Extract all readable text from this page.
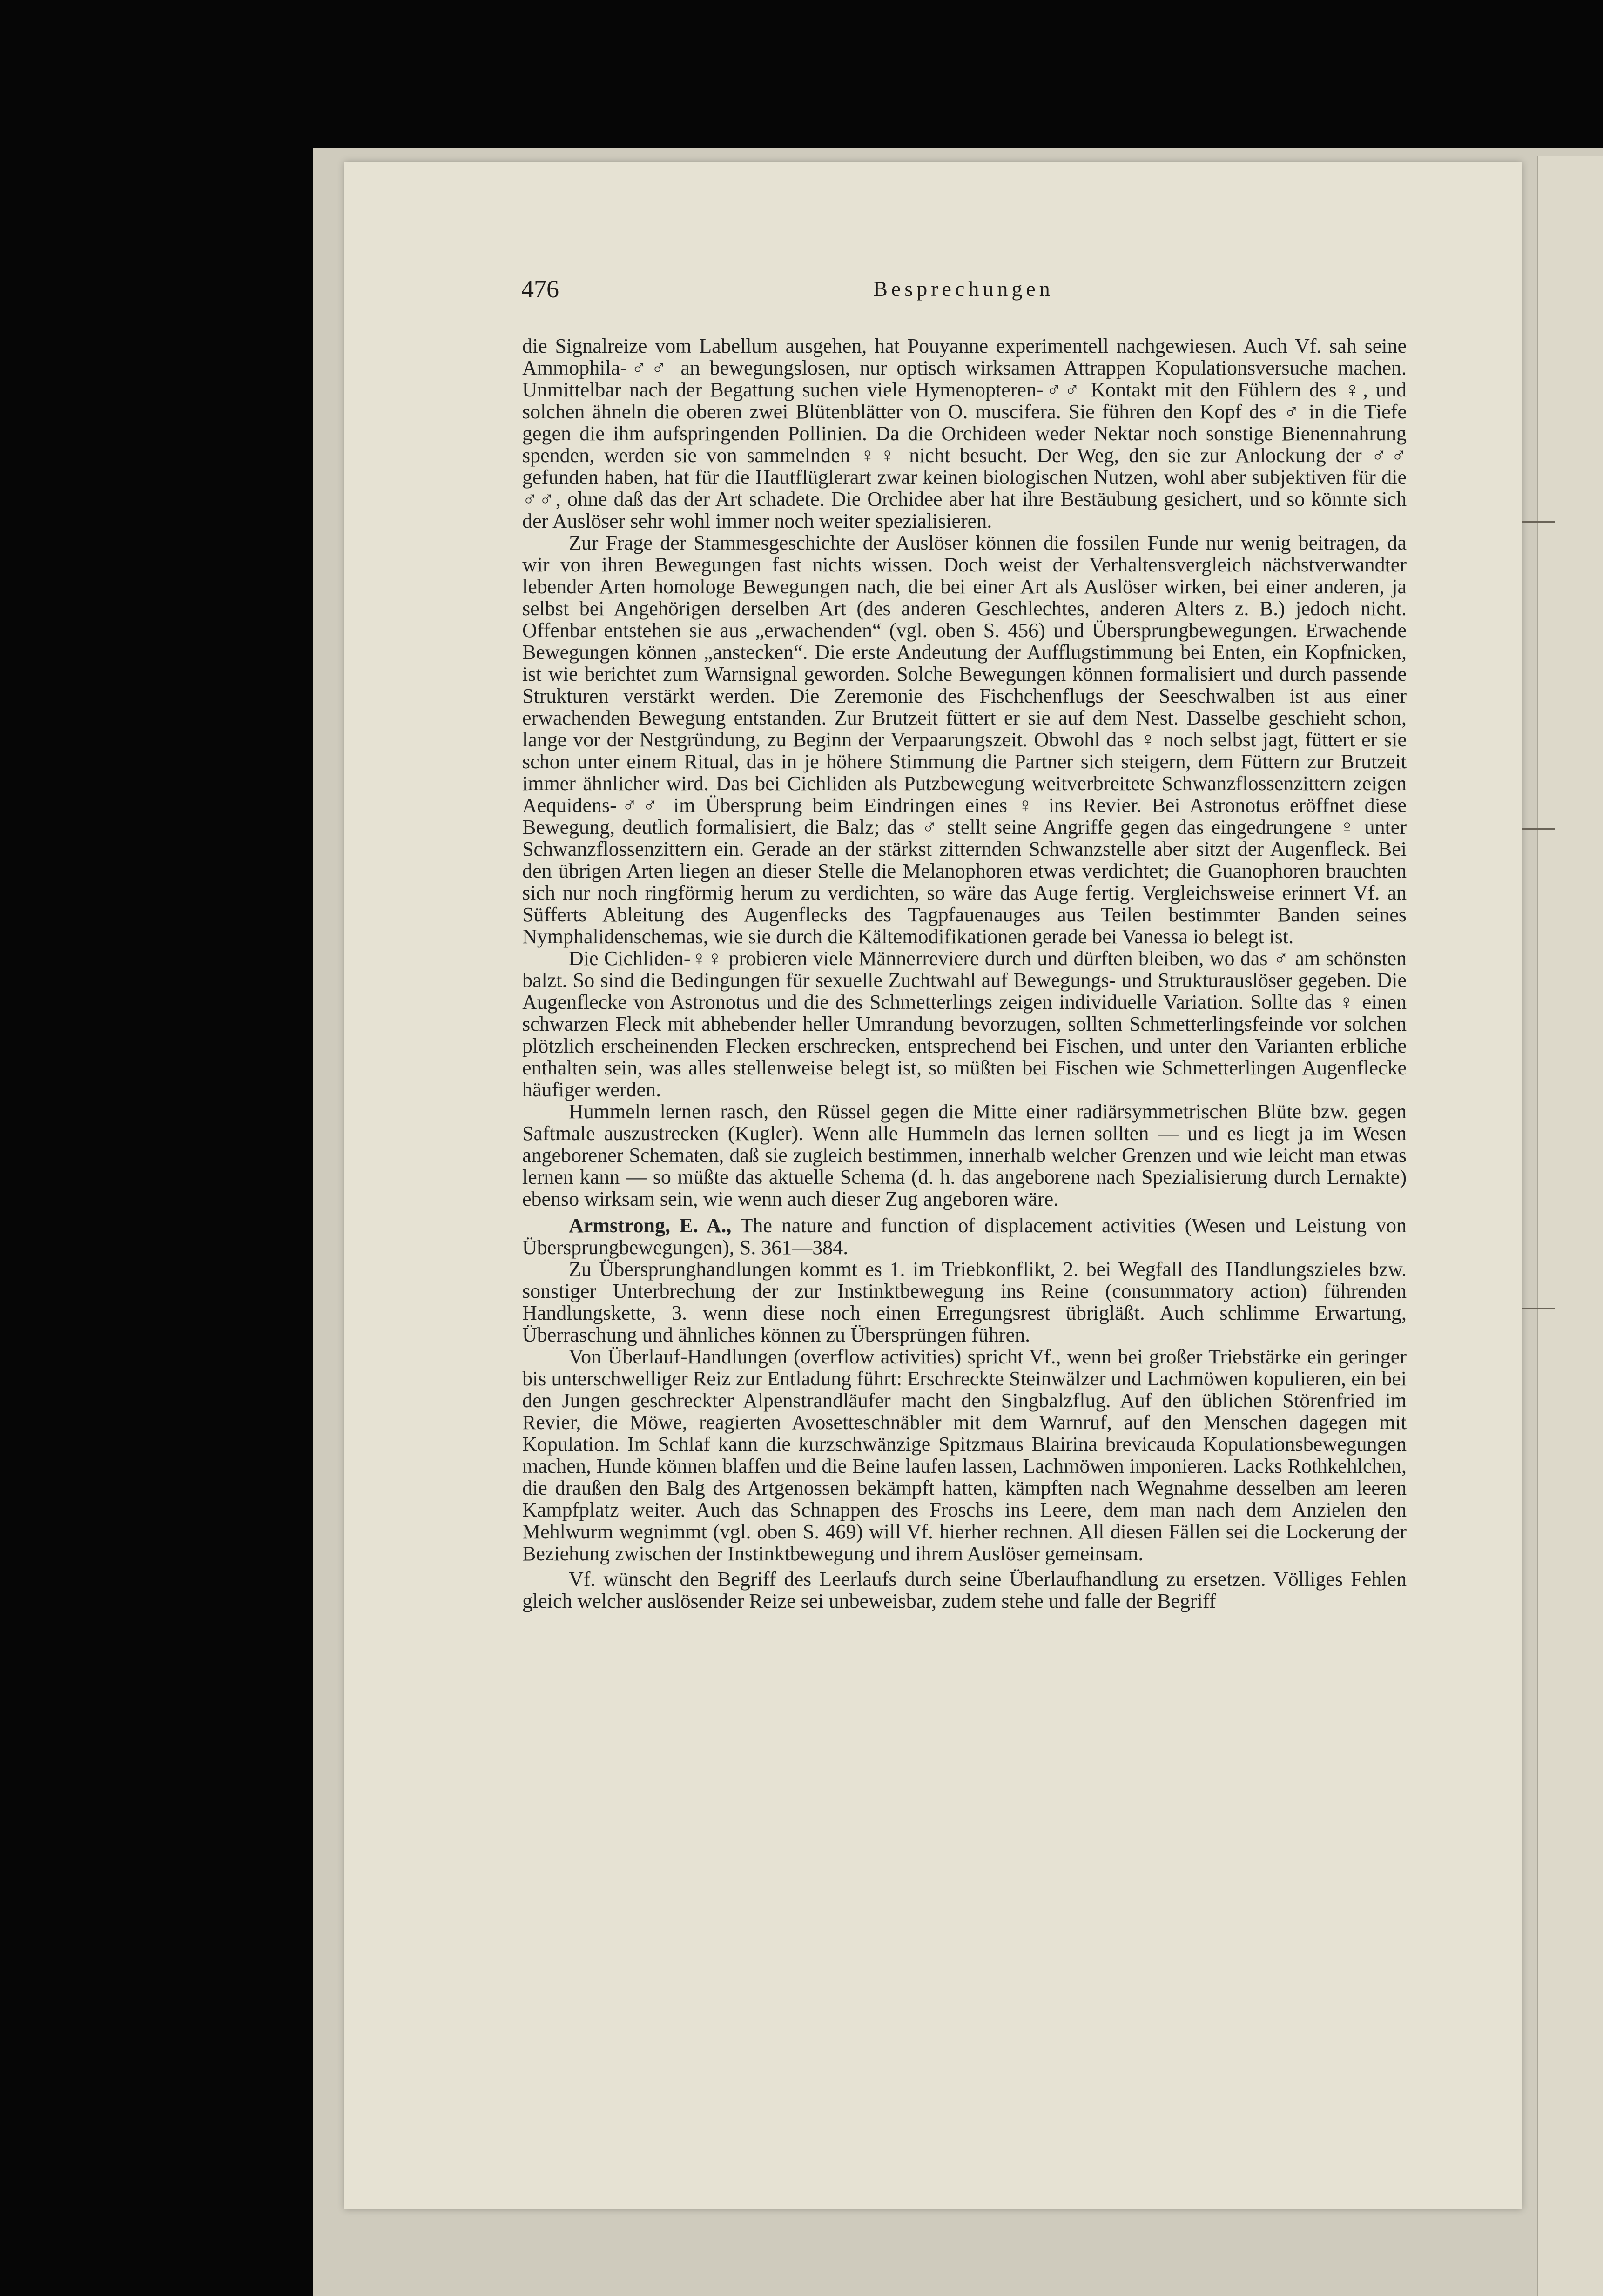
476	Besprechungen

die Signalreize vom Labellum ausgehen, hat Pouyanne experimentell nachgewiesen. Auch Vf. sah seine Ammophila-♂♂ an bewegungslosen, nur optisch wirksamen Attrappen Kopulationsversuche machen. Unmittelbar nach der Begattung suchen viele Hymenopteren-♂♂ Kontakt mit den Fühlern des ♀, und solchen ähneln die oberen zwei Blütenblätter von O. muscifera. Sie führen den Kopf des ♂ in die Tiefe gegen die ihm aufspringenden Pollinien. Da die Orchideen weder Nektar noch sonstige Bienennahrung spenden, werden sie von sammelnden ♀♀ nicht besucht. Der Weg, den sie zur Anlockung der ♂♂ gefunden haben, hat für die Hautflüglerart zwar keinen biologischen Nutzen, wohl aber subjektiven für die ♂♂, ohne daß das der Art schadete. Die Orchidee aber hat ihre Bestäubung gesichert, und so könnte sich der Auslöser sehr wohl immer noch weiter spezialisieren.

Zur Frage der Stammesgeschichte der Auslöser können die fossilen Funde nur wenig beitragen, da wir von ihren Bewegungen fast nichts wissen. Doch weist der Verhaltensvergleich nächstverwandter lebender Arten homologe Bewegungen nach, die bei einer Art als Auslöser wirken, bei einer anderen, ja selbst bei Angehörigen derselben Art (des anderen Geschlechtes, anderen Alters z. B.) jedoch nicht. Offenbar entstehen sie aus „erwachenden“ (vgl. oben S. 456) und Übersprungbewegungen. Erwachende Bewegungen können „anstecken“. Die erste Andeutung der Aufflugstimmung bei Enten, ein Kopfnicken, ist wie berichtet zum Warnsignal geworden. Solche Bewegungen können formalisiert und durch passende Strukturen verstärkt werden. Die Zeremonie des Fischchenflugs der Seeschwalben ist aus einer erwachenden Bewegung entstanden. Zur Brutzeit füttert er sie auf dem Nest. Dasselbe geschieht schon, lange vor der Nestgründung, zu Beginn der Verpaarungszeit. Obwohl das ♀ noch selbst jagt, füttert er sie schon unter einem Ritual, das in je höhere Stimmung die Partner sich steigern, dem Füttern zur Brutzeit immer ähnlicher wird. Das bei Cichliden als Putzbewegung weitverbreitete Schwanzflossenzittern zeigen Aequidens-♂♂ im Übersprung beim Eindringen eines ♀ ins Revier. Bei Astronotus eröffnet diese Bewegung, deutlich formalisiert, die Balz; das ♂ stellt seine Angriffe gegen das eingedrungene ♀ unter Schwanzflossenzittern ein. Gerade an der stärkst zitternden Schwanzstelle aber sitzt der Augenfleck. Bei den übrigen Arten liegen an dieser Stelle die Melanophoren etwas verdichtet; die Guanophoren brauchten sich nur noch ringförmig herum zu verdichten, so wäre das Auge fertig. Vergleichsweise erinnert Vf. an Süfferts Ableitung des Augenflecks des Tagpfauenauges aus Teilen bestimmter Banden seines Nymphalidenschemas, wie sie durch die Kältemodifikationen gerade bei Vanessa io belegt ist.

Die Cichliden-♀♀ probieren viele Männerreviere durch und dürften bleiben, wo das ♂ am schönsten balzt. So sind die Bedingungen für sexuelle Zuchtwahl auf Bewegungs- und Strukturauslöser gegeben. Die Augenflecke von Astronotus und die des Schmetterlings zeigen individuelle Variation. Sollte das ♀ einen schwarzen Fleck mit abhebender heller Umrandung bevorzugen, sollten Schmetterlingsfeinde vor solchen plötzlich erscheinenden Flecken erschrecken, entsprechend bei Fischen, und unter den Varianten erbliche enthalten sein, was alles stellenweise belegt ist, so müßten bei Fischen wie Schmetterlingen Augenflecke häufiger werden.

Hummeln lernen rasch, den Rüssel gegen die Mitte einer radiärsymmetrischen Blüte bzw. gegen Saftmale auszustrecken (Kugler). Wenn alle Hummeln das lernen sollten — und es liegt ja im Wesen angeborener Schematen, daß sie zugleich bestimmen, innerhalb welcher Grenzen und wie leicht man etwas lernen kann — so müßte das aktuelle Schema (d. h. das angeborene nach Spezialisierung durch Lernakte) ebenso wirksam sein, wie wenn auch dieser Zug angeboren wäre.

Armstrong, E. A., The nature and function of displacement activities (Wesen und Leistung von Übersprungbewegungen), S. 361—384.

Zu Übersprunghandlungen kommt es 1. im Triebkonflikt, 2. bei Wegfall des Handlungszieles bzw. sonstiger Unterbrechung der zur Instinktbewegung ins Reine (consummatory action) führenden Handlungskette, 3. wenn diese noch einen Erregungsrest übrigläßt. Auch schlimme Erwartung, Überraschung und ähnliches können zu Übersprüngen führen.

Von Überlauf-Handlungen (overflow activities) spricht Vf., wenn bei großer Triebstärke ein geringer bis unterschwelliger Reiz zur Entladung führt: Erschreckte Steinwälzer und Lachmöwen kopulieren, ein bei den Jungen geschreckter Alpenstrandläufer macht den Singbalzflug. Auf den üblichen Störenfried im Revier, die Möwe, reagierten Avosetteschnäbler mit dem Warnruf, auf den Menschen dagegen mit Kopulation. Im Schlaf kann die kurzschwänzige Spitzmaus Blairina brevicauda Kopulationsbewegungen machen, Hunde können blaffen und die Beine laufen lassen, Lachmöwen imponieren. Lacks Rothkehlchen, die draußen den Balg des Artgenossen bekämpft hatten, kämpften nach Wegnahme desselben am leeren Kampfplatz weiter. Auch das Schnappen des Froschs ins Leere, dem man nach dem Anzielen den Mehlwurm wegnimmt (vgl. oben S. 469) will Vf. hierher rechnen. All diesen Fällen sei die Lockerung der Beziehung zwischen der Instinktbewegung und ihrem Auslöser gemeinsam.

Vf. wünscht den Begriff des Leerlaufs durch seine Überlaufhandlung zu ersetzen. Völliges Fehlen gleich welcher auslösender Reize sei unbeweisbar, zudem stehe und falle der Begriff
